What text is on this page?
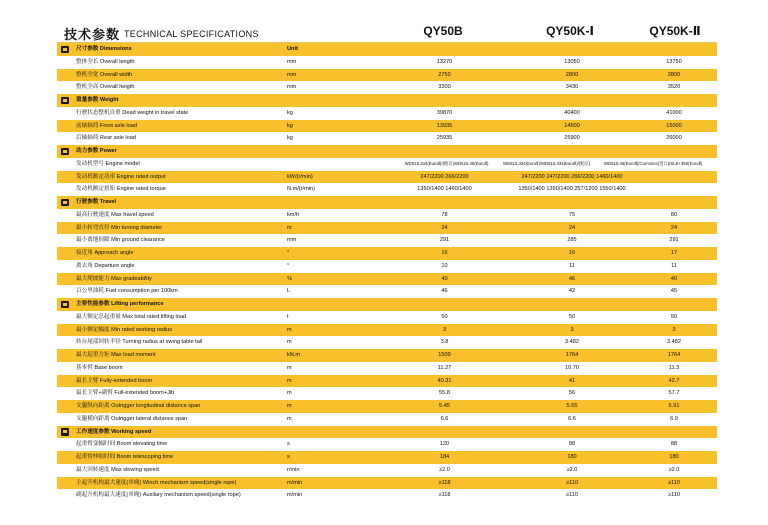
技术参数 TECHNICAL SPECIFICATIONS	QY50B	QY50K-Ⅰ	QY50K-Ⅱ
尺寸参数 Dimensions	Unit
整体全长 Overall length	mm	13270	13050	13750
整机全宽 Overall width	mm	2750	2800	2800
整机全高 Overall heigth	mm	3300	3430	3520
重量参数 Weight
行驶状态整机自重 Dead weight in travel state	kg	39870	40400	41000
前轴轴荷 Front axle load	kg	13935	14500	15000
后轴轴荷 Rear axle load	kg	25935	25900	26000
动力参数 Power
发动机型号 Engine model	WD615.334(EuroⅡ)/(帕京)WD615.46(EuroⅡ)	WD615.334(EuroⅡ)/WD615.334(EuroⅡ)/(帕京)	WD615.46(EuroⅡ)/Cummins(进口)ISLE+350(EuroⅡ)
发动机额定功率 Engine rated output	kW/(r/min)	247/2200 266/2200	247/2200 247/2200 266/2200 1460/1400
发动机额定扭矩 Engine rated torque	N.m/(r/min)	1350/1400 1460/1400	1350/1400 1350/1400 257/1200 1550/1400
行驶参数 Travel
最高行驶速度 Max travel speed	km/h	78	75	80
最小转弯直径 Min turning diameter	m	24	24	24
最小离地间隙 Min ground clearance	mm	291	285	291
接近角 Approach angle	°	16	16	17
离去角 Departure angle	°	10	11	11
最大爬坡能力 Max gradeability	%	40	46	40
百公里油耗 Fuel consumption per 100km	L	46	42	45
主要性能参数 Lifting performance
最大额定总起重量 Max total rated lifting load	t	50	50	50
最小额定幅度 Min rated working radius	m	3	3	3
转台尾部回转半径 Turning radius at swing table tail	m	3.8	3.482	3.482
最大起重力矩 Max load moment	kN.m	1509	1764	1764
基本臂 Base boom	m	11.27	10.70	11.3
最长主臂 Fully-extended boom	m	40.31	41	42.7
最长主臂+副臂 Full-extended boom+Jib	m	55.8	56	57.7
支腿纵向距离 Outrigger longitudinal distance span	m	5.45	5.65	5.91
支腿横向距离 Outrigger lateral distance span	m	6.6	6.6	6.9
工作速度参数 Working speed
起重臂变幅时间 Boom elevating time	s	120	88	88
起重臂伸缩时间 Boom telescoping time	s	184	180	180
最大回转速度 Max slewing speed	r/min	≥2.0	≥2.0	≥2.0
主起升机构最大速度(单绳) Winch mechanism speed(single rope)	m/min	≥118	≥110	≥110
副起升机构最大速度(单绳) Auxilary mechanism speed(single rope)	m/min	≥118	≥110	≥110
